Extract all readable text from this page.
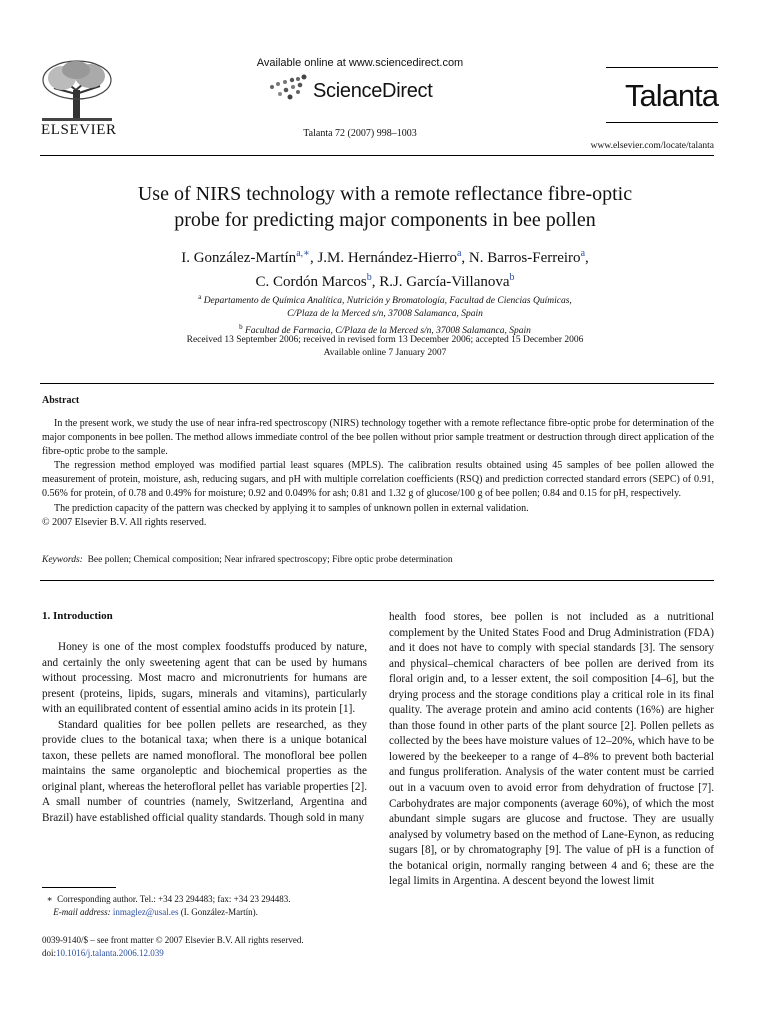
ELSEVIER
Available online at www.sciencedirect.com
ScienceDirect
Talanta 72 (2007) 998–1003
Talanta
www.elsevier.com/locate/talanta
Use of NIRS technology with a remote reflectance fibre-optic
probe for predicting major components in bee pollen
I. González-Martín$^{a,∗}$, J.M. Hernández-Hierro$^a$, N. Barros-Ferreiro$^a$,
C. Cordón Marcos$^b$, R.J. García-Villanova$^b$
$^a$ Departamento de Química Analítica, Nutrición y Bromatología, Facultad de Ciencias Químicas,
C/Plaza de la Merced s/n, 37008 Salamanca, Spain
$^b$ Facultad de Farmacia, C/Plaza de la Merced s/n, 37008 Salamanca, Spain
Received 13 September 2006; received in revised form 13 December 2006; accepted 15 December 2006
Available online 7 January 2007
Abstract

In the present work, we study the use of near infra-red spectroscopy (NIRS) technology together with a remote reflectance fibre-optic probe for determination of the major components in bee pollen. The method allows immediate control of the bee pollen without prior sample treatment or destruction through direct application of the fibre-optic probe to the sample.

The regression method employed was modified partial least squares (MPLS). The calibration results obtained using 45 samples of bee pollen allowed the measurement of protein, moisture, ash, reducing sugars, and pH with multiple correlation coefficients (RSQ) and prediction corrected standard errors (SEPC) of 0.91, 0.56% for protein, of 0.78 and 0.49% for moisture; 0.92 and 0.049% for ash; 0.81 and 1.32 g of glucose/100 g of bee pollen; 0.84 and 0.15 for pH, respectively.

The prediction capacity of the pattern was checked by applying it to samples of unknown pollen in external validation.

© 2007 Elsevier B.V. All rights reserved.

Keywords: Bee pollen; Chemical composition; Near infrared spectroscopy; Fibre optic probe determination
1. Introduction

Honey is one of the most complex foodstuffs produced by nature, and certainly the only sweetening agent that can be used by humans without processing. Most macro and micronutrients for humans are present (proteins, lipids, sugars, minerals and vitamins), particularly with an equilibrated content of essential amino acids in its protein [1].

Standard qualities for bee pollen pellets are researched, as they provide clues to the botanical taxa; when there is a unique botanical taxon, these pellets are named monofloral. The monofloral bee pollen maintains the same organoleptic and biochemical properties as the original plant, whereas the heterofloral pellet has variable properties [2]. A small number of countries (namely, Switzerland, Argentina and Brazil) have established official quality standards. Though sold in many

health food stores, bee pollen is not included as a nutritional complement by the United States Food and Drug Administration (FDA) and it does not have to comply with special standards [3]. The sensory and physical–chemical characters of bee pollen are derived from its floral origin and, to a lesser extent, the soil composition [4–6], but the drying process and the storage conditions play a critical role in its final quality. The average protein and amino acid contents (16%) are higher than those found in other parts of the plant source [2]. Pollen pellets as collected by the bees have moisture values of 12–20%, which have to be lowered by the beekeeper to a range of 4–8% to prevent both bacterial and fungus proliferation. Analysis of the water content must be carried out in a vacuum oven to avoid error from dehydration of fructose [7]. Carbohydrates are major components (average 60%), of which the most abundant simple sugars are glucose and fructose. They are usually analysed by volumetry based on the method of Lane-Eynon, as reducing sugars [8], or by chromatography [9]. The value of pH is a function of the botanical origin, normally ranging between 4 and 6; these are the legal limits in Argentina. A descent beyond the lowest limit

∗ Corresponding author. Tel.: +34 23 294483; fax: +34 23 294483.
E-mail address: inmaglez@usal.es (I. González-Martín).
0039-9140/$ – see front matter © 2007 Elsevier B.V. All rights reserved.
doi:10.1016/j.talanta.2006.12.039
